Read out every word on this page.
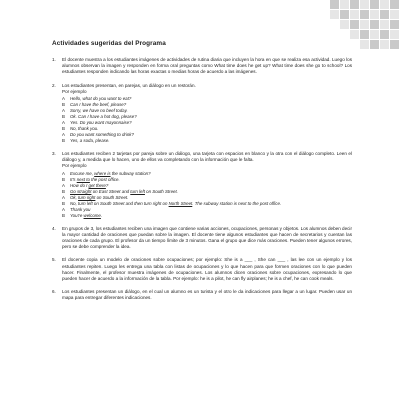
Actividades sugeridas del Programa
1. El docente muestra a los estudiantes imágenes de actividades de rutina diaria que incluyen la hora en que se realiza esa actividad. Luego los alumnos observan la imagen y responden en forma oral preguntas como What time does he get up? What time does she go to school? Los estudiantes responden indicando las horas exactas o medias horas de acuerdo a las imágenes.

2. Los estudiantes presentan, en parejas, un diálogo en un restorán.

Por ejemplo

A	Hello, what do you want to eat?
B	Can I have the beef, please?
A	Sorry, we have no beef today.
B	Ok. Can I have a hot dog, please?
A	Yes. Do you want mayonnaise?
B	No, thank you.
A	Do you want something to drink?
B	Yes, a soda, please.
3. Los estudiantes reciben 2 tarjetas por pareja sobre un diálogo, una tarjeta con espacios en blanco y la otra con el diálogo completo. Leen el diálogo y, a medida que lo hacen, uno de ellos va completando con la información que le falta.

Por ejemplo

A	Excuse me, where is the subway station?
B	It's next to the post office.
A	How do I get there?
B	Go straight on East Street and turn left on South Street.
A	Ok, turn right on South Street.
B	No, turn left on South Street and then turn right on North Street. The subway station is next to the post office.
A	Thank you
B	You're welcome.
4. En grupos de 3, los estudiantes reciben una imagen que contiene varias acciones, ocupaciones, personas y objetos. Los alumnos deben decir la mayor cantidad de oraciones que puedan sobre la imagen. El docente tiene algunos estudiantes que hacen de secretarios y cuentan las oraciones de cada grupo. El profesor da un tiempo límite de 3 minutos. Gana el grupo que dice más oraciones. Pueden tener algunos errores, pero se debe comprender la idea.

5. El docente copia un modelo de oraciones sobre ocupaciones; por ejemplo: She is a ___ , She can ___ , las lee con un ejemplo y los estudiantes repiten. Luego les entrega una tabla con listas de ocupaciones y lo que hacen para que formen oraciones con lo que pueden hacer. Finalmente, el profesor muestra imágenes de ocupaciones. Los alumnos dicen oraciones sobre ocupaciones, expresando lo que pueden hacer de acuerdo a la información de la tabla. Por ejemplo: he is a pilot, he can fly airplanes; he is a chef, he can cook meals.

6. Los estudiantes presentan un diálogo, en el cual un alumno es un turista y el otro le da indicaciones para llegar a un lugar. Pueden usar un mapa para entregar diferentes indicaciones.
